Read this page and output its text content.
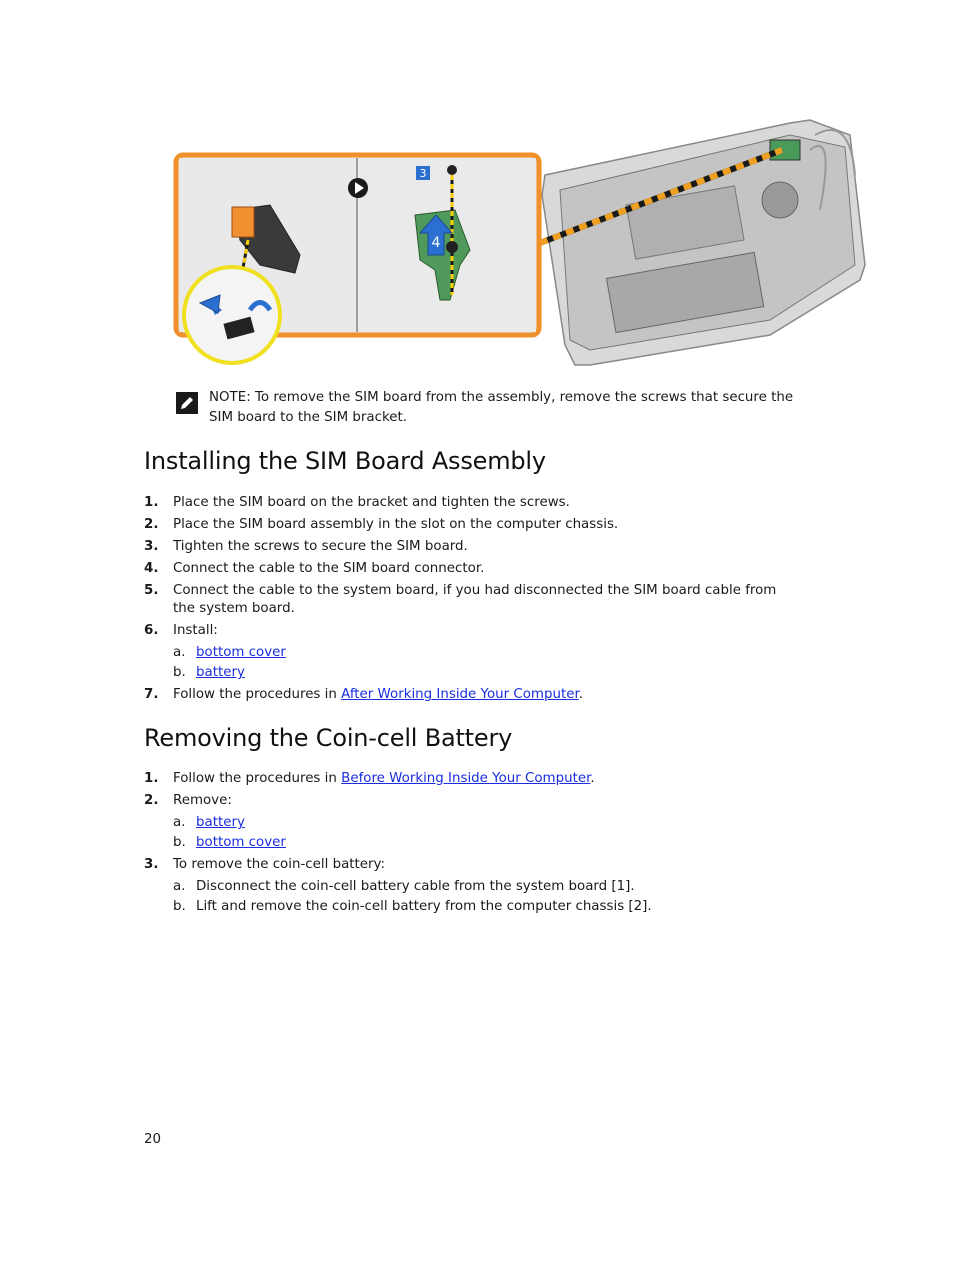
4
3
NOTE: To remove the SIM board from the assembly, remove the screws that secure the SIM board to the SIM bracket.
Installing the SIM Board Assembly
1. Place the SIM board on the bracket and tighten the screws.
2. Place the SIM board assembly in the slot on the computer chassis.
3. Tighten the screws to secure the SIM board.
4. Connect the cable to the SIM board connector.
5. Connect the cable to the system board, if you had disconnected the SIM board cable from the system board.
6. Install:
a. bottom cover
b. battery
7. Follow the procedures in After Working Inside Your Computer.
Removing the Coin-cell Battery
1. Follow the procedures in Before Working Inside Your Computer.
2. Remove:
a. battery
b. bottom cover
3. To remove the coin-cell battery:
a. Disconnect the coin-cell battery cable from the system board [1].
b. Lift and remove the coin-cell battery from the computer chassis [2].
20
